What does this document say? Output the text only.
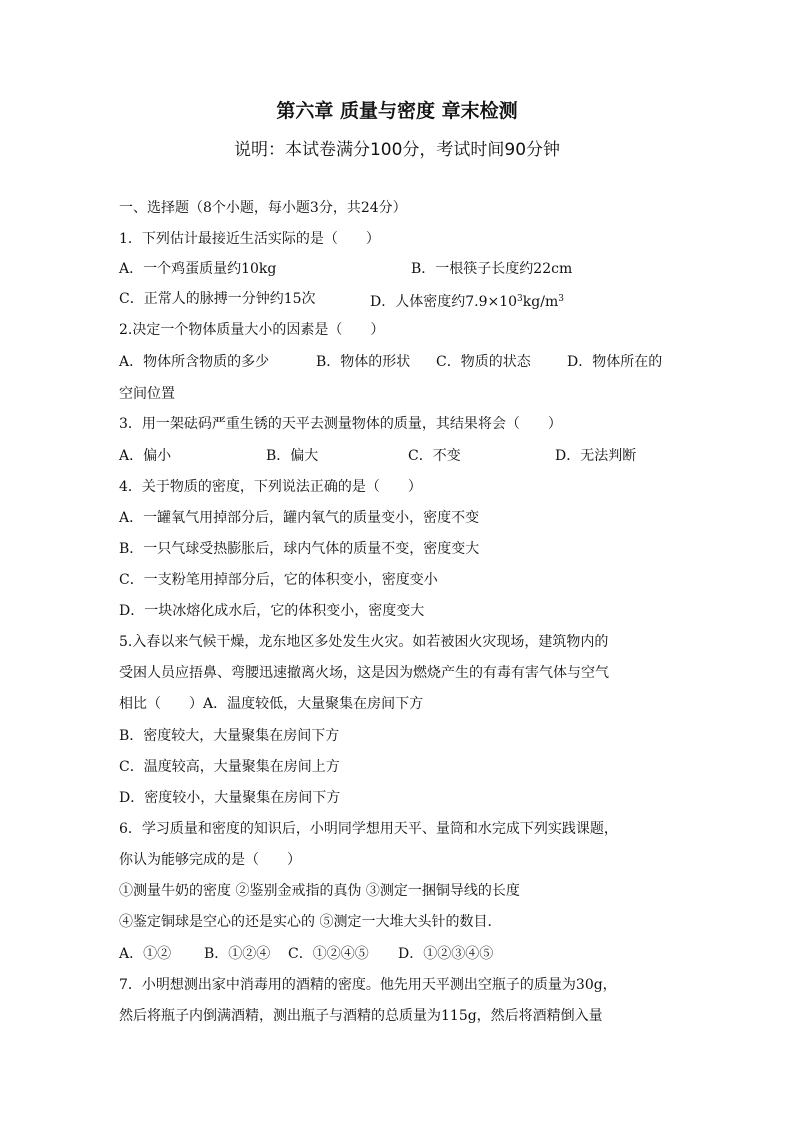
第六章 质量与密度 章末检测
说明：本试卷满分100分，考试时间90分钟
一、选择题（8个小题，每小题3分，共24分）
1．下列估计最接近生活实际的是（　　）
A．一个鸡蛋质量约10kg	B．一根筷子长度约22cm
C．正常人的脉搏一分钟约15次	D．人体密度约$7.9\times 10^3kg/m^3$
2.决定一个物体质量大小的因素是（　　）
A．物体所含物质的多少	B．物体的形状 C．物质的状态	D．物体所在的
空间位置
3．用一架砝码严重生锈的天平去测量物体的质量，其结果将会（　　）
A．偏小	B．偏大	C．不变	D．无法判断
4．关于物质的密度，下列说法正确的是（　　）
A．一罐氧气用掉部分后，罐内氧气的质量变小，密度不变
B．一只气球受热膨胀后，球内气体的质量不变，密度变大
C．一支粉笔用掉部分后，它的体积变小，密度变小
D．一块冰熔化成水后，它的体积变小，密度变大
5.入春以来气候干燥，龙东地区多处发生火灾。如若被困火灾现场，建筑物内的
受困人员应捂鼻、弯腰迅速撤离火场，这是因为燃烧产生的有毒有害气体与空气
相比（　　）A．温度较低，大量聚集在房间下方
B．密度较大，大量聚集在房间下方
C．温度较高，大量聚集在房间上方
D．密度较小，大量聚集在房间下方
6．学习质量和密度的知识后，小明同学想用天平、量筒和水完成下列实践课题，
你认为能够完成的是（　　）
①测量牛奶的密度 ②鉴别金戒指的真伪 ③测定一捆铜导线的长度
④鉴定铜球是空心的还是实心的 ⑤测定一大堆大头针的数目．
A．①② B．①②④ C．①②④⑤ D．①②③④⑤
7．小明想测出家中消毒用的酒精的密度。他先用天平测出空瓶子的质量为30g，
然后将瓶子内倒满酒精，测出瓶子与酒精的总质量为115g，然后将酒精倒入量
